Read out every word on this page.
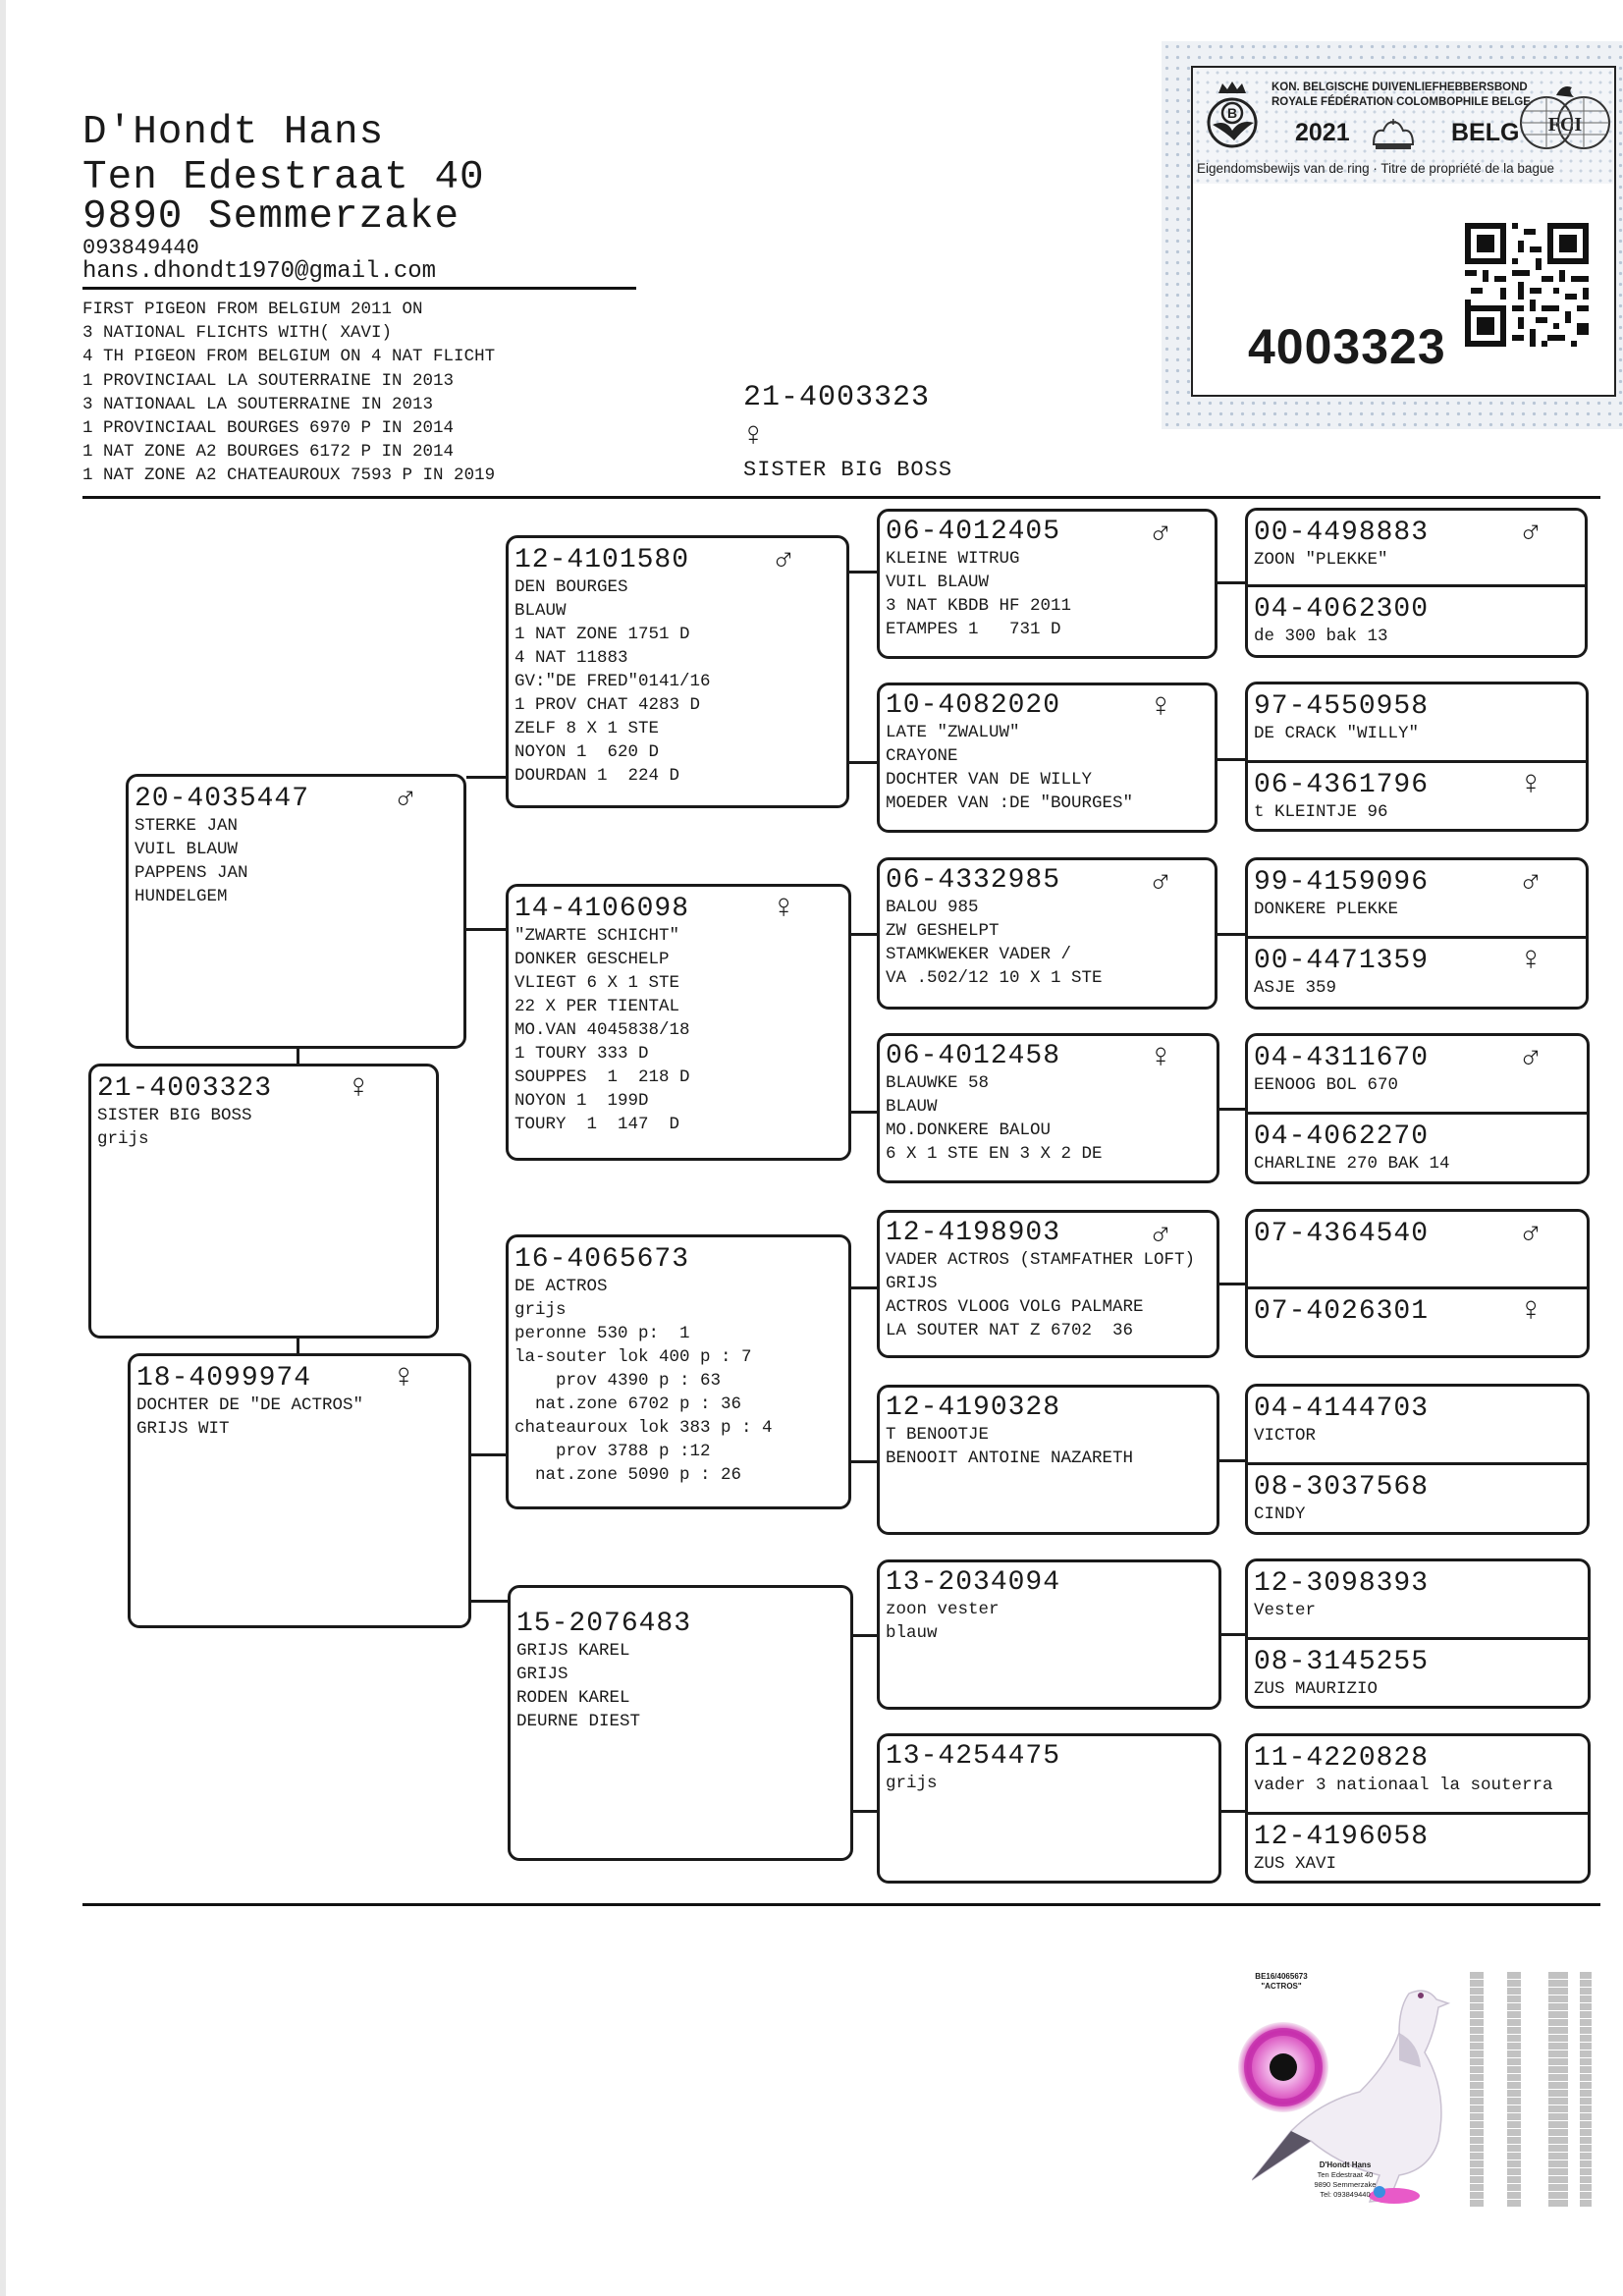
D'Hondt Hans
Ten Edestraat 40
9890 Semmerzake
093849440
hans.dhondt1970@gmail.com
FIRST PIGEON FROM BELGIUM 2011 ON
3 NATIONAL FLICHTS WITH( XAVI)
4 TH PIGEON FROM BELGIUM ON 4 NAT FLICHT
1 PROVINCIAAL LA SOUTERRAINE IN 2013
3 NATIONAAL LA SOUTERRAINE IN 2013
1 PROVINCIAAL BOURGES 6970 P IN 2014
1 NAT ZONE A2 BOURGES 6172 P IN 2014
1 NAT ZONE A2 CHATEAUROUX 7593 P IN 2019
21-4003323
♀
SISTER BIG BOSS
B
KON. BELGISCHE DUIVENLIEFHEBBERSBOND
ROYALE FÉDÉRATION COLOMBOPHILE BELGE
2021	BELG FCI
Eigendomsbewijs van de ring · Titre de propriété de la bague
4003323
20-4035447	♂
STERKE JAN
VUIL BLAUW
PAPPENS JAN
HUNDELGEM
21-4003323	♀
SISTER BIG BOSS
grijs
18-4099974	♀
DOCHTER DE "DE ACTROS"
GRIJS WIT
12-4101580	♂
DEN BOURGES
BLAUW
1 NAT ZONE 1751 D
4 NAT 11883
GV:"DE FRED"0141/16
1 PROV CHAT 4283 D
ZELF 8 X 1 STE
NOYON 1  620 D
DOURDAN 1  224 D
14-4106098	♀
"ZWARTE SCHICHT"
DONKER GESCHELP
VLIEGT 6 X 1 STE
22 X PER TIENTAL
MO.VAN 4045838/18
1 TOURY 333 D
SOUPPES  1  218 D
NOYON 1  199D
TOURY  1  147  D
16-4065673
DE ACTROS
grijs
peronne 530 p:  1
la-souter lok 400 p : 7
prov 4390 p : 63
nat.zone 6702 p : 36
chateauroux lok 383 p : 4
prov 3788 p :12
nat.zone 5090 p : 26
15-2076483
GRIJS KAREL
GRIJS
RODEN KAREL
DEURNE DIEST
06-4012405	♂
KLEINE WITRUG
VUIL BLAUW
3 NAT KBDB HF 2011
ETAMPES 1   731 D
10-4082020	♀
LATE "ZWALUW"
CRAYONE
DOCHTER VAN DE WILLY
MOEDER VAN :DE "BOURGES"
06-4332985	♂
BALOU 985
ZW GESHELPT
STAMKWEKER VADER /
VA .502/12 10 X 1 STE
06-4012458	♀
BLAUWKE 58
BLAUW
MO.DONKERE BALOU
6 X 1 STE EN 3 X 2 DE
12-4198903	♂
VADER ACTROS (STAMFATHER LOFT)
GRIJS
ACTROS VLOOG VOLG PALMARE
LA SOUTER NAT Z 6702  36
12-4190328
T BENOOTJE
BENOOIT ANTOINE NAZARETH
13-2034094
zoon vester
blauw
13-4254475
grijs
00-4498883	♂
ZOON "PLEKKE"
04-4062300
de 300 bak 13
97-4550958
DE CRACK "WILLY"
06-4361796	♀
t KLEINTJE 96
99-4159096	♂
DONKERE PLEKKE
00-4471359	♀
ASJE 359
04-4311670	♂
EENOOG BOL 670
04-4062270
CHARLINE 270 BAK 14
07-4364540	♂
07-4026301	♀
04-4144703
VICTOR
08-3037568
CINDY
12-3098393
Vester
08-3145255
ZUS MAURIZIO
11-4220828
vader 3 nationaal la souterra
12-4196058
ZUS XAVI
BE16/4065673
"ACTROS"
D'Hondt Hans
Ten Edestraat 40
9890 Semmerzake
Tel: 093849440
